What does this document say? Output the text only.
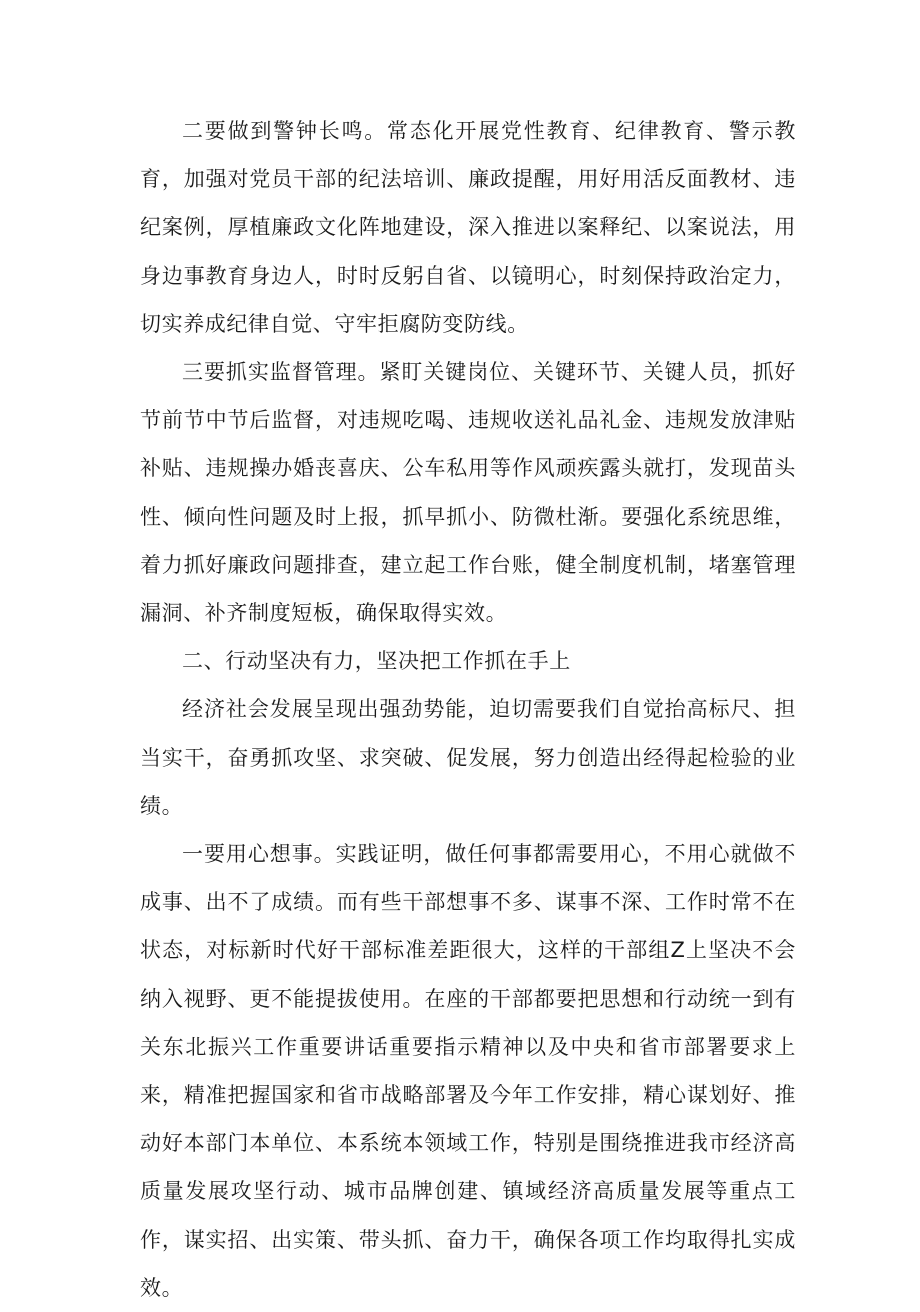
二要做到警钟长鸣。常态化开展党性教育、纪律教育、警示教育，加强对党员干部的纪法培训、廉政提醒，用好用活反面教材、违纪案例，厚植廉政文化阵地建设，深入推进以案释纪、以案说法，用身边事教育身边人，时时反躬自省、以镜明心，时刻保持政治定力，切实养成纪律自觉、守牢拒腐防变防线。

三要抓实监督管理。紧盯关键岗位、关键环节、关键人员，抓好节前节中节后监督，对违规吃喝、违规收送礼品礼金、违规发放津贴补贴、违规操办婚丧喜庆、公车私用等作风顽疾露头就打，发现苗头性、倾向性问题及时上报，抓早抓小、防微杜渐。要强化系统思维，着力抓好廉政问题排查，建立起工作台账，健全制度机制，堵塞管理漏洞、补齐制度短板，确保取得实效。

二、行动坚决有力，坚决把工作抓在手上

经济社会发展呈现出强劲势能，迫切需要我们自觉抬高标尺、担当实干，奋勇抓攻坚、求突破、促发展，努力创造出经得起检验的业绩。

一要用心想事。实践证明，做任何事都需要用心，不用心就做不成事、出不了成绩。而有些干部想事不多、谋事不深、工作时常不在状态，对标新时代好干部标准差距很大，这样的干部组Z上坚决不会纳入视野、更不能提拔使用。在座的干部都要把思想和行动统一到有关东北振兴工作重要讲话重要指示精神以及中央和省市部署要求上来，精准把握国家和省市战略部署及今年工作安排，精心谋划好、推动好本部门本单位、本系统本领域工作，特别是围绕推进我市经济高质量发展攻坚行动、城市品牌创建、镇域经济高质量发展等重点工作，谋实招、出实策、带头抓、奋力干，确保各项工作均取得扎实成效。
